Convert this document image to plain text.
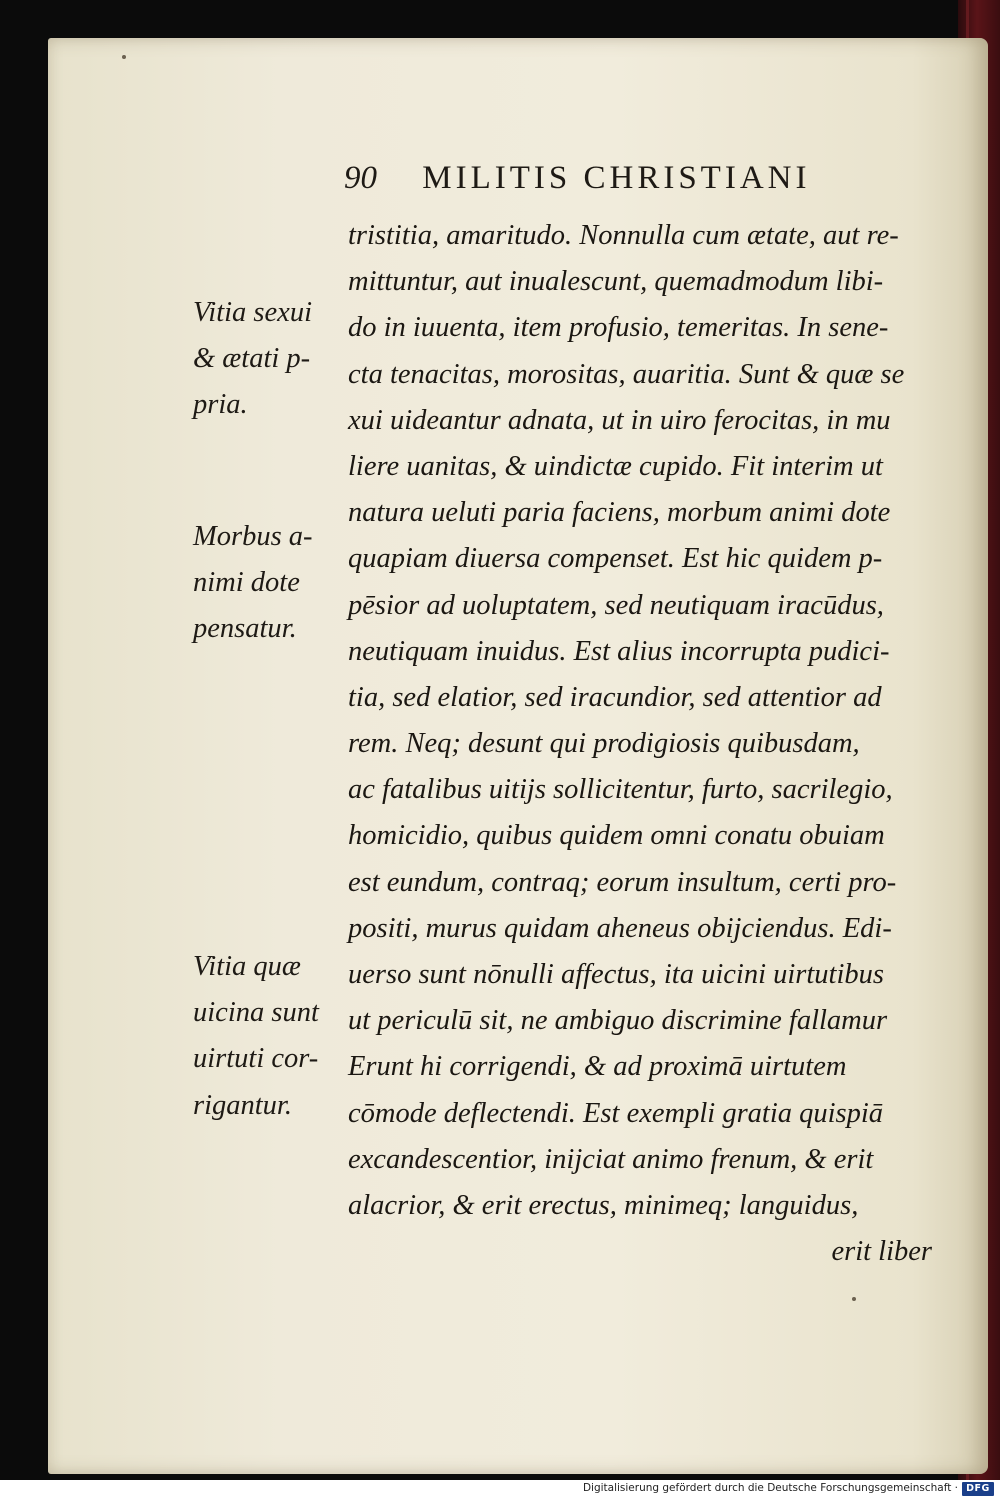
90 MILITIS CHRISTIANI
tristitia, amaritudo. Nonnulla cum ætate, aut re-
mittuntur, aut inualescunt, quemadmodum libi-
do in iuuenta, item profusio, temeritas. In sene-
cta tenacitas, morositas, auaritia. Sunt & quæ se
xui uideantur adnata, ut in uiro ferocitas, in mu
liere uanitas, & uindictæ cupido. Fit interim ut
natura ueluti paria faciens, morbum animi dote
quapiam diuersa compenset. Est hic quidem p-
pēsior ad uoluptatem, sed neutiquam iracūdus,
neutiquam inuidus. Est alius incorrupta pudici-
tia, sed elatior, sed iracundior, sed attentior ad
rem. Neq; desunt qui prodigiosis quibusdam,
ac fatalibus uitijs sollicitentur, furto, sacrilegio,
homicidio, quibus quidem omni conatu obuiam
est eundum, contraq; eorum insultum, certi pro-
positi, murus quidam aheneus obijciendus. Edi-
uerso sunt nōnulli affectus, ita uicini uirtutibus
ut periculū sit, ne ambiguo discrimine fallamur
Erunt hi corrigendi, & ad proximā uirtutem
cōmode deflectendi. Est exempli gratia quispiā
excandescentior, inijciat animo frenum, & erit
alacrior, & erit erectus, minimeq; languidus,
erit liber
Vitia sexui
& ætati p-
pria.
Morbus a-
nimi dote
pensatur.
Vitia quæ
uicina sunt
uirtuti cor-
rigantur.
Digitalisierung gefördert durch die Deutsche Forschungsgemeinschaft · DFG
